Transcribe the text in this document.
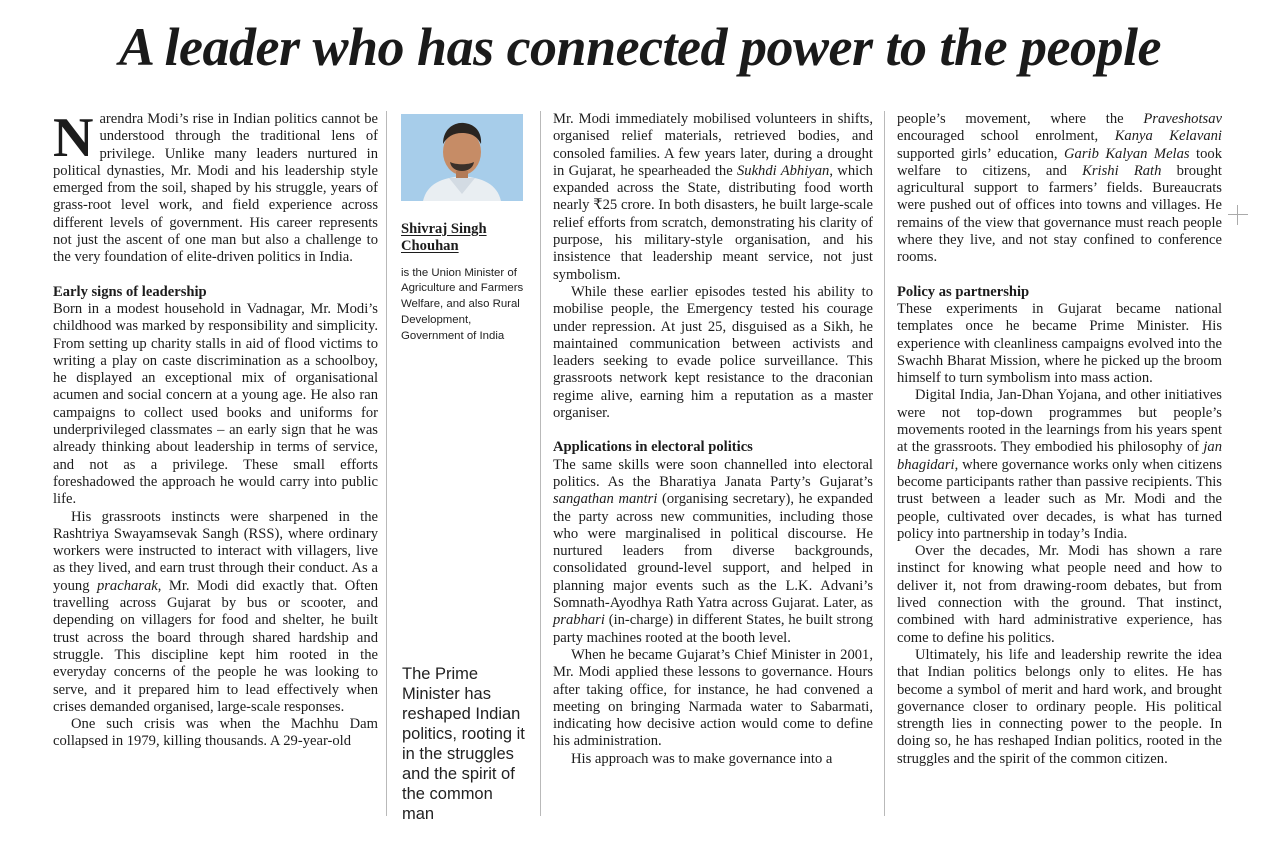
A leader who has connected power to the people

Narendra Modi’s rise in Indian politics cannot be understood through the traditional lens of privilege. Unlike many leaders nurtured in political dynasties, Mr. Modi and his leadership style emerged from the soil, shaped by his struggle, years of grass-root level work, and field experience across different levels of government. His career represents not just the ascent of one man but also a challenge to the very foundation of elite-driven politics in India.

Early signs of leadership

Born in a modest household in Vadnagar, Mr. Modi’s childhood was marked by responsibility and simplicity. From setting up charity stalls in aid of flood victims to writing a play on caste discrimination as a schoolboy, he displayed an exceptional mix of organisational acumen and social concern at a young age. He also ran campaigns to collect used books and uniforms for underprivileged classmates – an early sign that he was already thinking about leadership in terms of service, and not as a privilege. These small efforts foreshadowed the approach he would carry into public life.

His grassroots instincts were sharpened in the Rashtriya Swayamsevak Sangh (RSS), where ordinary workers were instructed to interact with villagers, live as they lived, and earn trust through their conduct. As a young pracharak, Mr. Modi did exactly that. Often travelling across Gujarat by bus or scooter, and depending on villagers for food and shelter, he built trust across the board through shared hardship and struggle. This discipline kept him rooted in the everyday concerns of the people he was looking to serve, and it prepared him to lead effectively when crises demanded organised, large-scale responses.

One such crisis was when the Machhu Dam collapsed in 1979, killing thousands. A 29-year-old

Shivraj Singh Chouhan
is the Union Minister of Agriculture and Farmers Welfare, and also Rural Development, Government of India
The Prime Minister has reshaped Indian politics, rooting it in the struggles and the spirit of the common man

Mr. Modi immediately mobilised volunteers in shifts, organised relief materials, retrieved bodies, and consoled families. A few years later, during a drought in Gujarat, he spearheaded the Sukhdi Abhiyan, which expanded across the State, distributing food worth nearly ₹25 crore. In both disasters, he built large-scale relief efforts from scratch, demonstrating his clarity of purpose, his military-style organisation, and his insistence that leadership meant service, not just symbolism.

While these earlier episodes tested his ability to mobilise people, the Emergency tested his courage under repression. At just 25, disguised as a Sikh, he maintained communication between activists and leaders seeking to evade police surveillance. This grassroots network kept resistance to the draconian regime alive, earning him a reputation as a master organiser.

Applications in electoral politics

The same skills were soon channelled into electoral politics. As the Bharatiya Janata Party’s Gujarat’s sangathan mantri (organising secretary), he expanded the party across new communities, including those who were marginalised in political discourse. He nurtured leaders from diverse backgrounds, consolidated ground-level support, and helped in planning major events such as the L.K. Advani’s Somnath-Ayodhya Rath Yatra across Gujarat. Later, as prabhari (in-charge) in different States, he built strong party machines rooted at the booth level.

When he became Gujarat’s Chief Minister in 2001, Mr. Modi applied these lessons to governance. Hours after taking office, for instance, he had convened a meeting on bringing Narmada water to Sabarmati, indicating how decisive action would come to define his administration.

His approach was to make governance into a

people’s movement, where the Praveshotsav encouraged school enrolment, Kanya Kelavani supported girls’ education, Garib Kalyan Melas took welfare to citizens, and Krishi Rath brought agricultural support to farmers’ fields. Bureaucrats were pushed out of offices into towns and villages. He remains of the view that governance must reach people where they live, and not stay confined to conference rooms.

Policy as partnership

These experiments in Gujarat became national templates once he became Prime Minister. His experience with cleanliness campaigns evolved into the Swachh Bharat Mission, where he picked up the broom himself to turn symbolism into mass action.

Digital India, Jan-Dhan Yojana, and other initiatives were not top-down programmes but people’s movements rooted in the learnings from his years spent at the grassroots. They embodied his philosophy of jan bhagidari, where governance works only when citizens become participants rather than passive recipients. This trust between a leader such as Mr. Modi and the people, cultivated over decades, is what has turned policy into partnership in today’s India.

Over the decades, Mr. Modi has shown a rare instinct for knowing what people need and how to deliver it, not from drawing-room debates, but from lived connection with the ground. That instinct, combined with hard administrative experience, has come to define his politics.

Ultimately, his life and leadership rewrite the idea that Indian politics belongs only to elites. He has become a symbol of merit and hard work, and brought governance closer to ordinary people. His political strength lies in connecting power to the people. In doing so, he has reshaped Indian politics, rooted in the struggles and the spirit of the common citizen.
